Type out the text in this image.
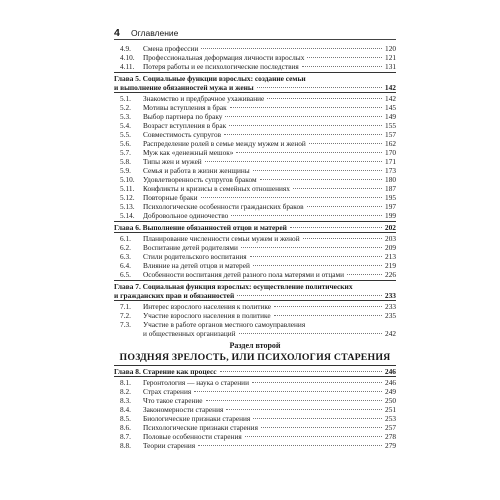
4 Оглавление
4.9.	Смена профессии	120
4.10.	Профессиональная деформация личности взрослых	121
4.11.	Потеря работы и ее психологические последствия	131
Глава 5. Социальные функции взрослых: создание семьи
и выполнение обязанностей мужа и жены	142
5.1.	Знакомство и предбрачное ухаживание	142
5.2.	Мотивы вступления в брак	145
5.3.	Выбор партнера по браку	149
5.4.	Возраст вступления в брак	155
5.5.	Совместимость супругов	157
5.6.	Распределение ролей в семье между мужем и женой	162
5.7.	Муж как «денежный мешок»	170
5.8.	Типы жен и мужей	171
5.9.	Семья и работа в жизни женщины	173
5.10.	Удовлетворенность супругов браком	180
5.11.	Конфликты и кризисы в семейных отношениях	187
5.12.	Повторные браки	195
5.13.	Психологические особенности гражданских браков	197
5.14.	Добровольное одиночество	199
Глава 6. Выполнение обязанностей отцов и матерей	202
6.1.	Планирование численности семьи мужем и женой	203
6.2.	Воспитание детей родителями	209
6.3.	Стили родительского воспитания	213
6.4.	Влияние на детей отцов и матерей	219
6.5.	Особенности воспитания детей разного пола матерями и отцами	226
Глава 7. Социальная функция взрослых: осуществление политических
и гражданских прав и обязанностей	233
7.1.	Интерес взрослого населения к политике	233
7.2.	Участие взрослого населения в политике	235
7.3.	Участие в работе органов местного самоуправления
и общественных организаций	242
Раздел второй
ПОЗДНЯЯ ЗРЕЛОСТЬ, ИЛИ ПСИХОЛОГИЯ СТАРЕНИЯ
Глава 8. Старение как процесс	246
8.1.	Геронтология — наука о старении	246
8.2.	Страх старения	249
8.3.	Что такое старение	250
8.4.	Закономерности старения	251
8.5.	Биологические признаки старения	253
8.6.	Психологические признаки старения	257
8.7.	Половые особенности старения	278
8.8.	Теории старения	279
